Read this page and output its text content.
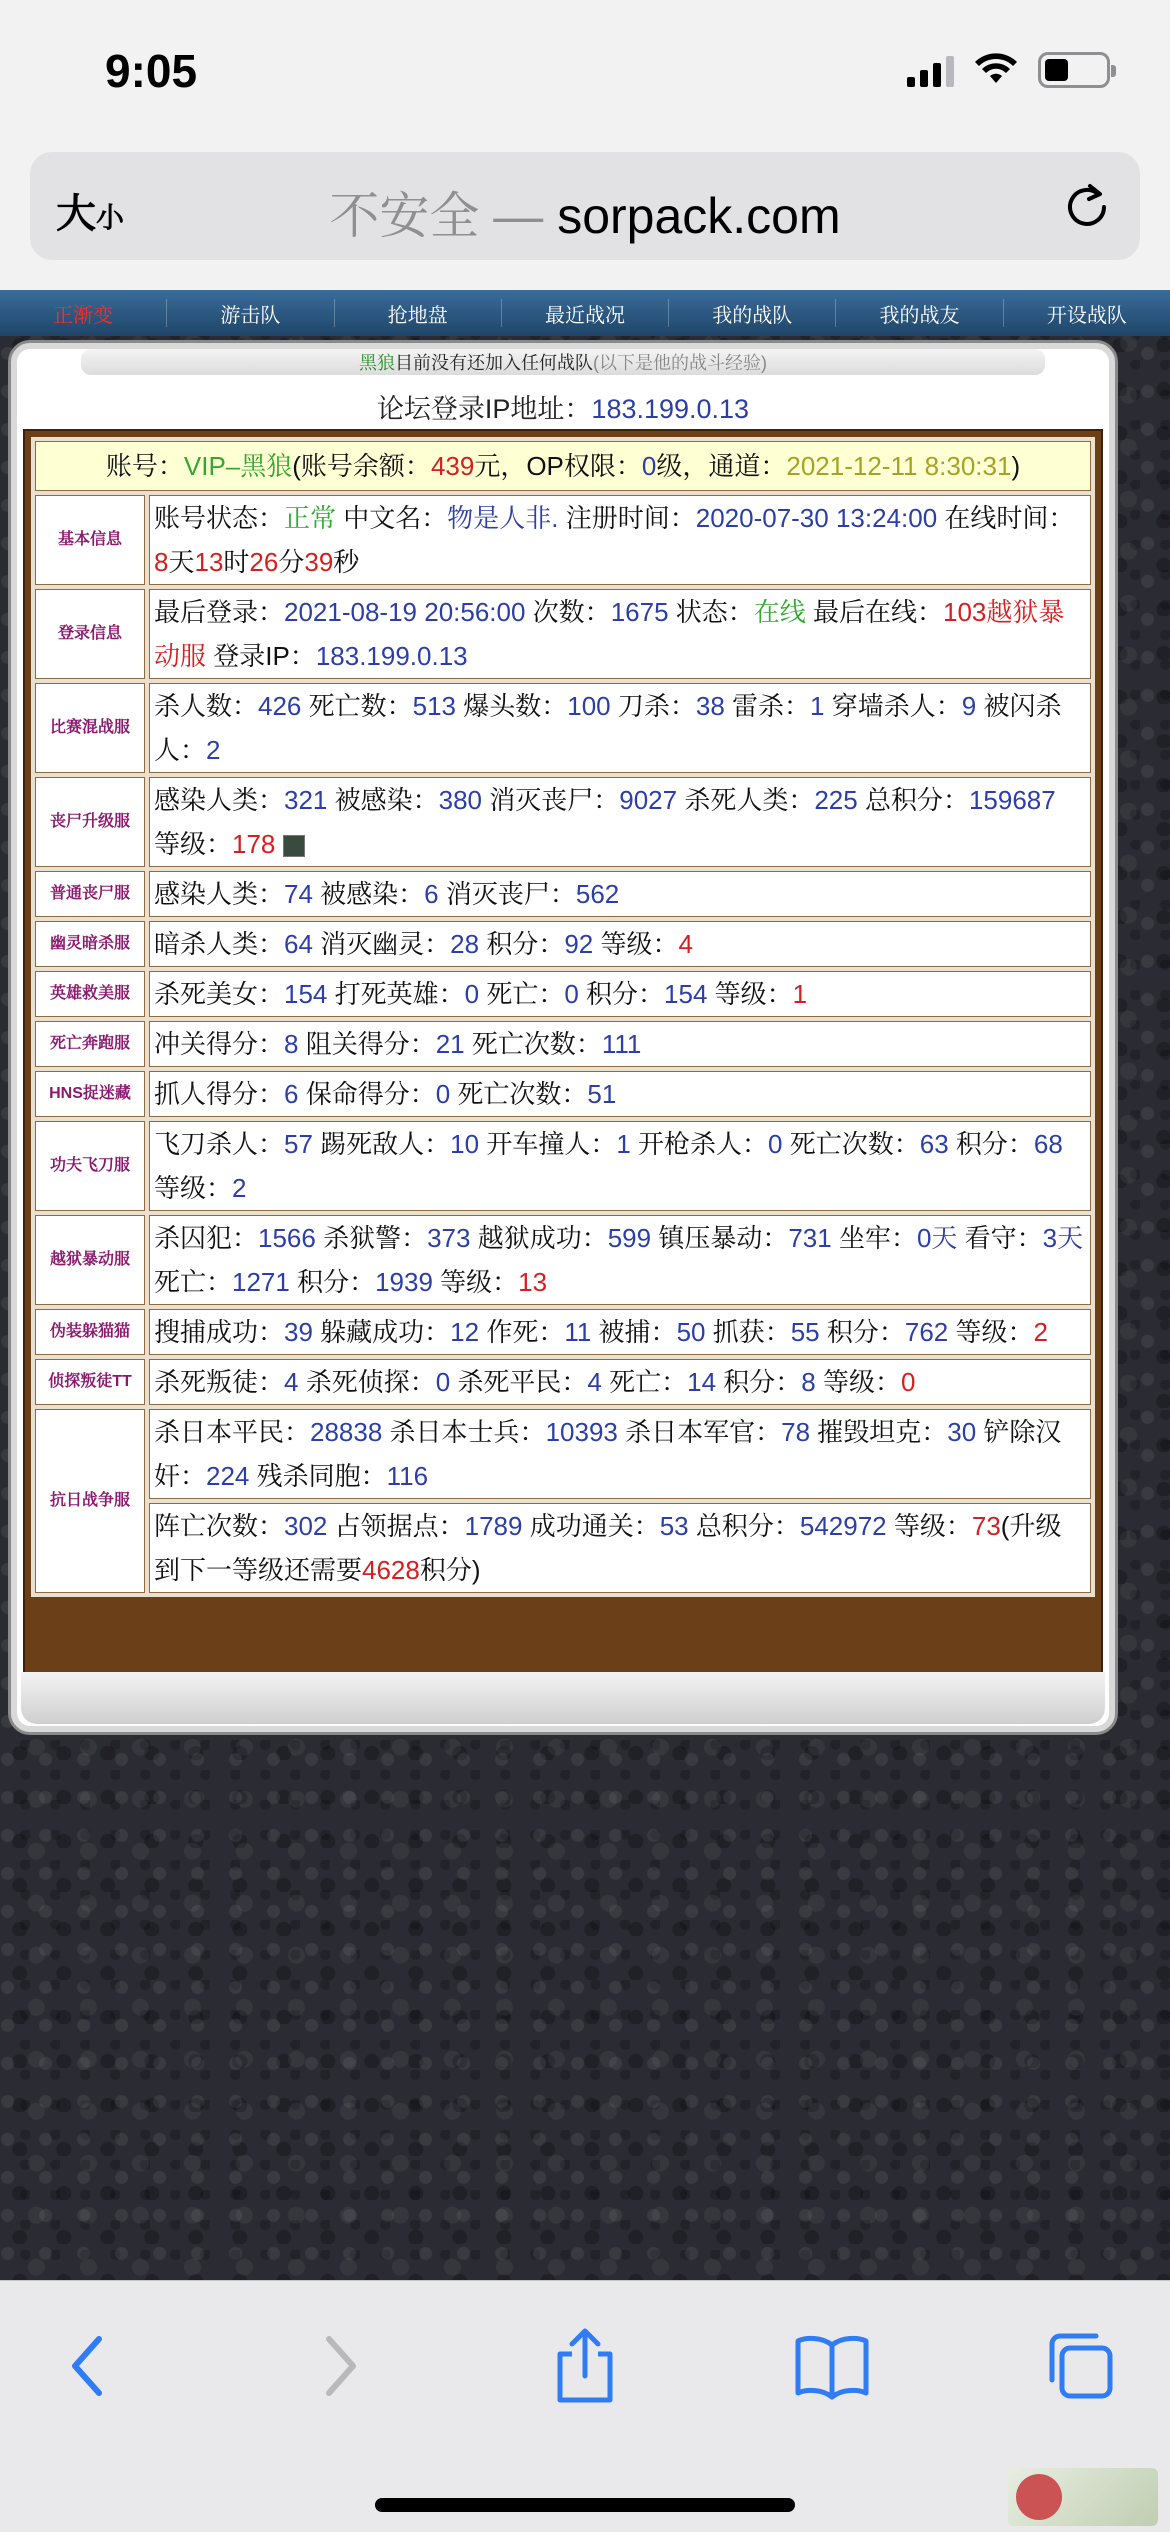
9:05
大小	不安全 — sorpack.com
正渐变	游击队	抢地盘	最近战况	我的战队	我的战友	开设战队
黑狼目前没有还加入任何战队(以下是他的战斗经验)
论坛登录IP地址：183.199.0.13
账号：VIP–黑狼(账号余额：439元，OP权限：0级，通道：2021-12-11 8:30:31)	
基本信息	账号状态：正常 中文名：物是人非. 注册时间：2020-07-30 13:24:00 在线时间：8天13时26分39秒
登录信息	最后登录：2021-08-19 20:56:00 次数：1675 状态：在线 最后在线：103越狱暴动服 登录IP：183.199.0.13
比赛混战服	杀人数：426 死亡数：513 爆头数：100 刀杀：38 雷杀：1 穿墙杀人：9 被闪杀人：2
丧尸升级服	感染人类：321 被感染：380 消灭丧尸：9027 杀死人类：225 总积分：159687 等级：178
普通丧尸服	感染人类：74 被感染：6 消灭丧尸：562
幽灵暗杀服	暗杀人类：64 消灭幽灵：28 积分：92 等级：4
英雄救美服	杀死美女：154 打死英雄：0 死亡：0 积分：154 等级：1
死亡奔跑服	冲关得分：8 阻关得分：21 死亡次数：111
HNS捉迷藏	抓人得分：6 保命得分：0 死亡次数：51
功夫飞刀服	飞刀杀人：57 踢死敌人：10 开车撞人：1 开枪杀人：0 死亡次数：63 积分：68 等级：2
越狱暴动服	杀囚犯：1566 杀狱警：373 越狱成功：599 镇压暴动：731 坐牢：0天 看守：3天 死亡：1271 积分：1939 等级：13
伪装躲猫猫	搜捕成功：39 躲藏成功：12 作死：11 被捕：50 抓获：55 积分：762 等级：2
侦探叛徒TT	杀死叛徒：4 杀死侦探：0 杀死平民：4 死亡：14 积分：8 等级：0
抗日战争服	杀日本平民：28838 杀日本士兵：10393 杀日本军官：78 摧毁坦克：30 铲除汉奸：224 残杀同胞：116
	阵亡次数：302 占领据点：1789 成功通关：53 总积分：542972 等级：73(升级到下一等级还需要4628积分)
